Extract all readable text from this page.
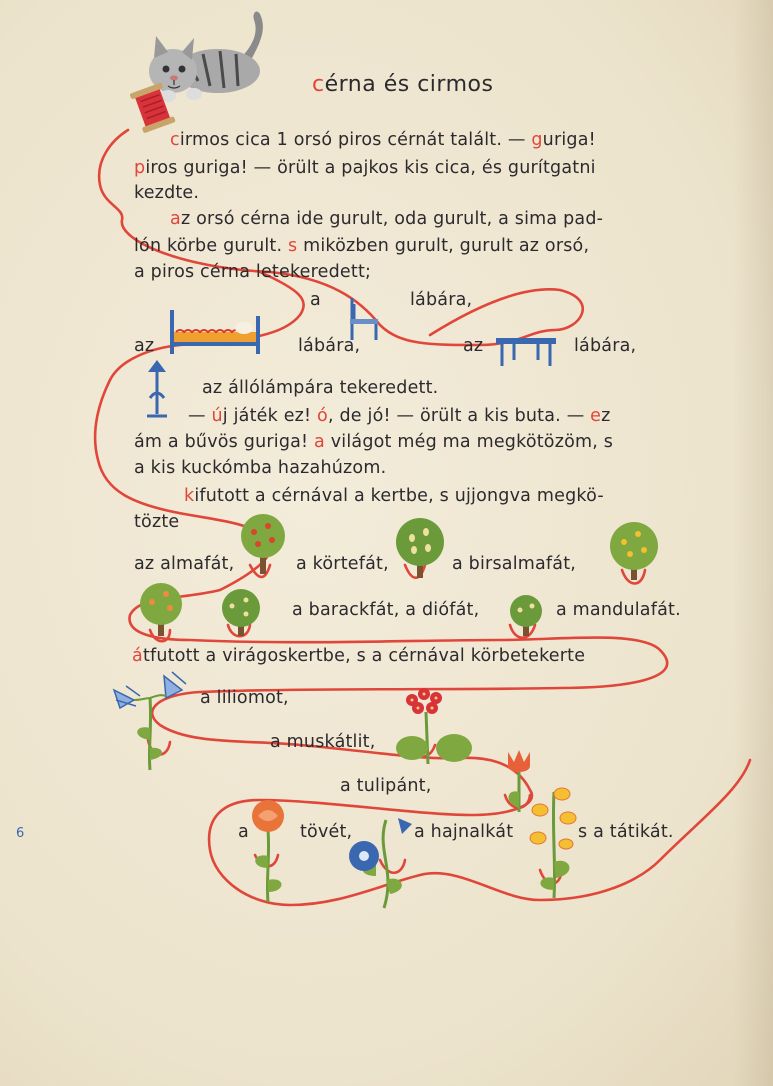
cérna és cirmos
cirmos cica 1 orsó piros cérnát talált. — guriga!
piros guriga! — örült a pajkos kis cica, és gurítgatni
kezdte.
az orsó cérna ide gurult, oda gurult, a sima pad-
lón körbe gurult. s miközben gurult, gurult az orsó,
a piros cérna letekeredett;
a	lábára,
az	lábára,	az	lábára,
az állólámpára tekeredett.
— új játék ez! ó, de jó! — örült a kis buta. — ez
ám a bűvös guriga! a világot még ma megkötözöm, s
a kis kuckómba hazahúzom.
kifutott a cérnával a kertbe, s ujjongva megkö-
tözte
az almafát,	a körtefát,	a birsalmafát,
a barackfát, a diófát,	a mandulafát.
átfutott a virágoskertbe, s a cérnával körbetekerte
a liliomot,
a muskátlit,
a tulipánt,
a	tövét,	a hajnalkát	s a tátikát.
6
